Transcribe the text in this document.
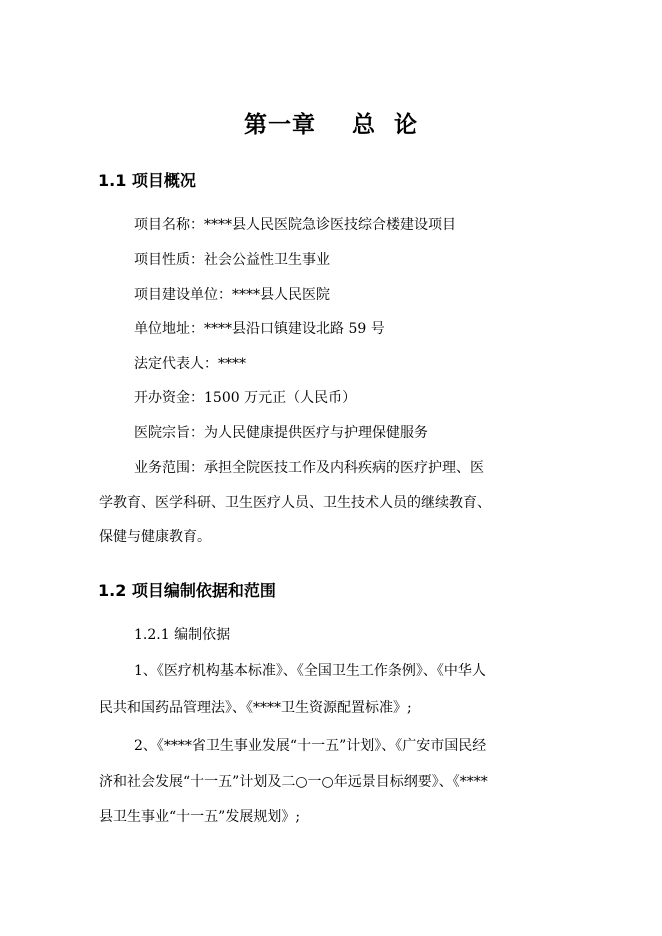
第一章    总  论
1.1 项目概况
项目名称：****县人民医院急诊医技综合楼建设项目
项目性质：社会公益性卫生事业
项目建设单位：****县人民医院
单位地址：****县沿口镇建设北路 59 号
法定代表人：****
开办资金：1500 万元正（人民币）
医院宗旨：为人民健康提供医疗与护理保健服务
业务范围：承担全院医技工作及内科疾病的医疗护理、医
学教育、医学科研、卫生医疗人员、卫生技术人员的继续教育、
保健与健康教育。
1.2 项目编制依据和范围
1.2.1 编制依据
1、《医疗机构基本标准》、《全国卫生工作条例》、《中华人
民共和国药品管理法》、《****卫生资源配置标准》;
2、《****省卫生事业发展“十一五”计划》、《广安市国民经
济和社会发展“十一五”计划及二○一○年远景目标纲要》、《****
县卫生事业“十一五”发展规划》;
